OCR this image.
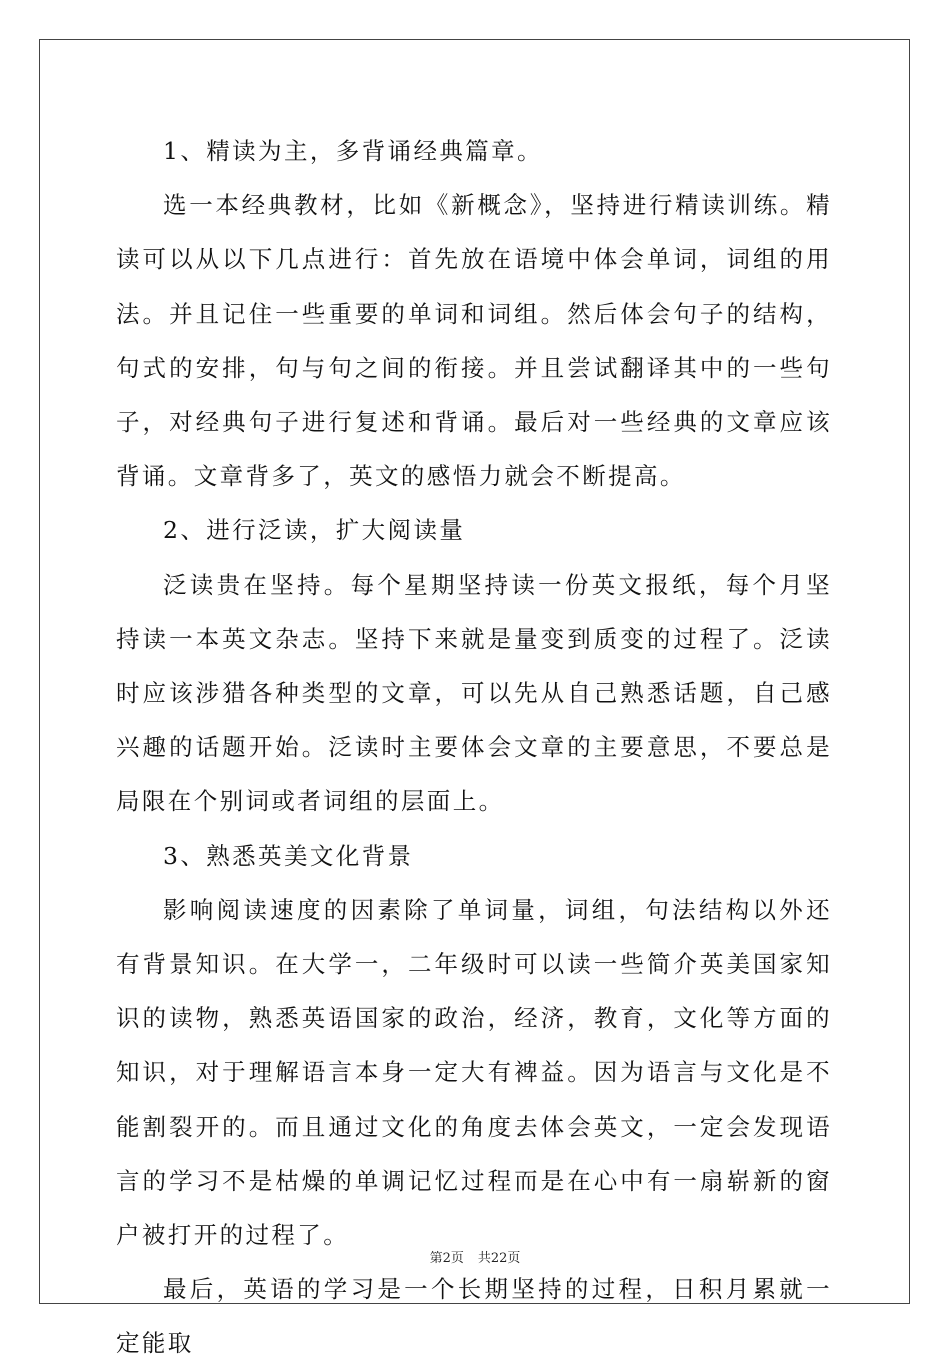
1、精读为主，多背诵经典篇章。

选一本经典教材，比如《新概念》，坚持进行精读训练。精读可以从以下几点进行：首先放在语境中体会单词，词组的用法。并且记住一些重要的单词和词组。然后体会句子的结构，句式的安排，句与句之间的衔接。并且尝试翻译其中的一些句子，对经典句子进行复述和背诵。最后对一些经典的文章应该背诵。文章背多了，英文的感悟力就会不断提高。

2、进行泛读，扩大阅读量

泛读贵在坚持。每个星期坚持读一份英文报纸，每个月坚持读一本英文杂志。坚持下来就是量变到质变的过程了。泛读时应该涉猎各种类型的文章，可以先从自己熟悉话题，自己感兴趣的话题开始。泛读时主要体会文章的主要意思，不要总是局限在个别词或者词组的层面上。

3、熟悉英美文化背景

影响阅读速度的因素除了单词量，词组，句法结构以外还有背景知识。在大学一，二年级时可以读一些简介英美国家知识的读物，熟悉英语国家的政治，经济，教育，文化等方面的知识，对于理解语言本身一定大有裨益。因为语言与文化是不能割裂开的。而且通过文化的角度去体会英文，一定会发现语言的学习不是枯燥的单调记忆过程而是在心中有一扇崭新的窗户被打开的过程了。

最后，英语的学习是一个长期坚持的过程，日积月累就一定能取

第2页 共22页
